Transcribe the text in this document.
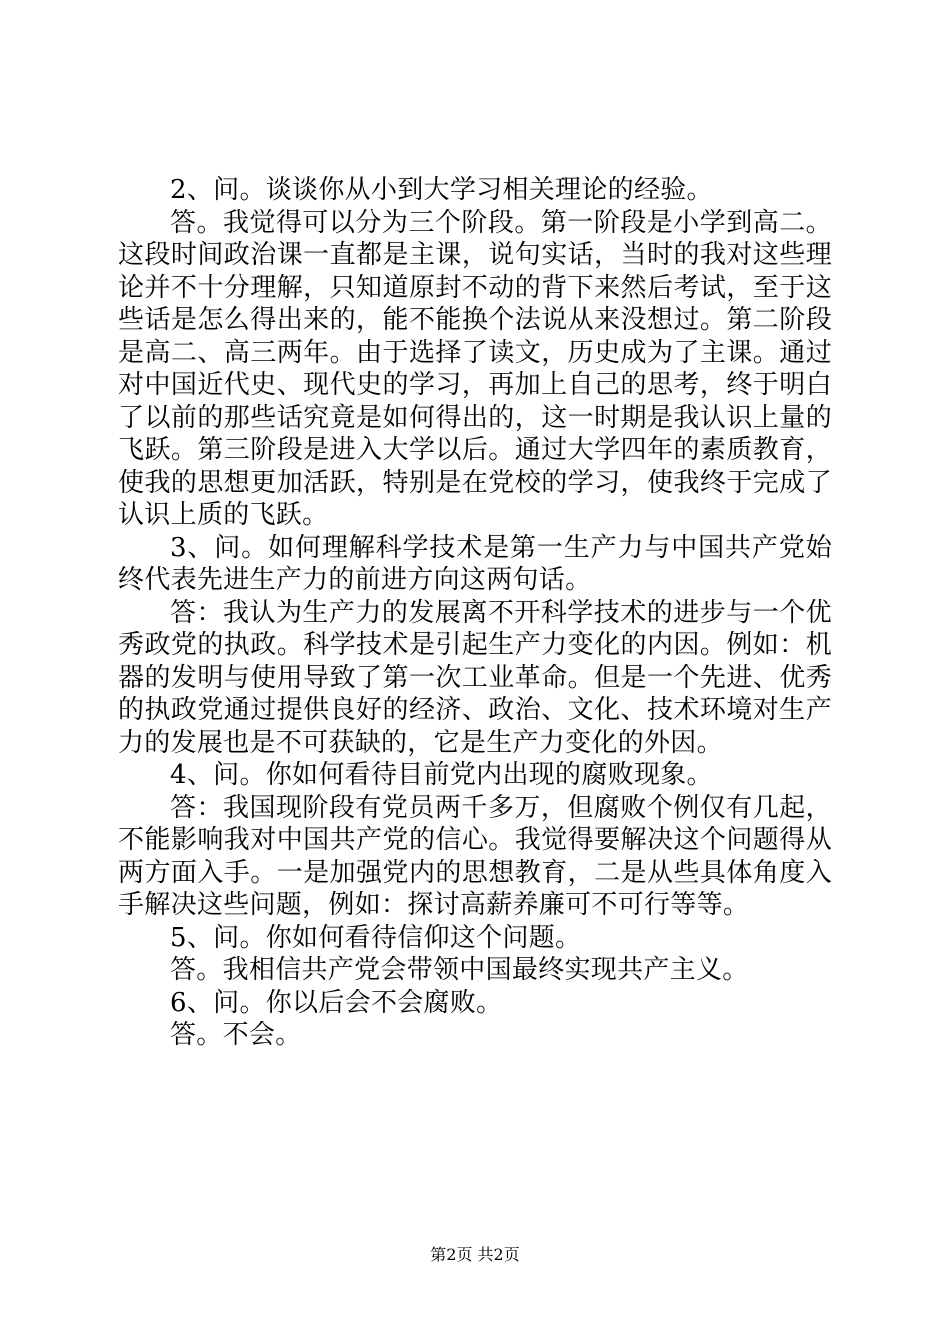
2、问。谈谈你从小到大学习相关理论的经验。

答。我觉得可以分为三个阶段。第一阶段是小学到高二。这段时间政治课一直都是主课，说句实话，当时的我对这些理论并不十分理解，只知道原封不动的背下来然后考试，至于这些话是怎么得出来的，能不能换个法说从来没想过。第二阶段是高二、高三两年。由于选择了读文，历史成为了主课。通过对中国近代史、现代史的学习，再加上自己的思考，终于明白了以前的那些话究竟是如何得出的，这一时期是我认识上量的飞跃。第三阶段是进入大学以后。通过大学四年的素质教育，使我的思想更加活跃，特别是在党校的学习，使我终于完成了认识上质的飞跃。

3、问。如何理解科学技术是第一生产力与中国共产党始终代表先进生产力的前进方向这两句话。

答：我认为生产力的发展离不开科学技术的进步与一个优秀政党的执政。科学技术是引起生产力变化的内因。例如：机器的发明与使用导致了第一次工业革命。但是一个先进、优秀的执政党通过提供良好的经济、政治、文化、技术环境对生产力的发展也是不可获缺的，它是生产力变化的外因。

4、问。你如何看待目前党内出现的腐败现象。

答：我国现阶段有党员两千多万，但腐败个例仅有几起，不能影响我对中国共产党的信心。我觉得要解决这个问题得从两方面入手。一是加强党内的思想教育，二是从些具体角度入手解决这些问题，例如：探讨高薪养廉可不可行等等。

5、问。你如何看待信仰这个问题。

答。我相信共产党会带领中国最终实现共产主义。

6、问。你以后会不会腐败。

答。不会。

第2页 共2页
